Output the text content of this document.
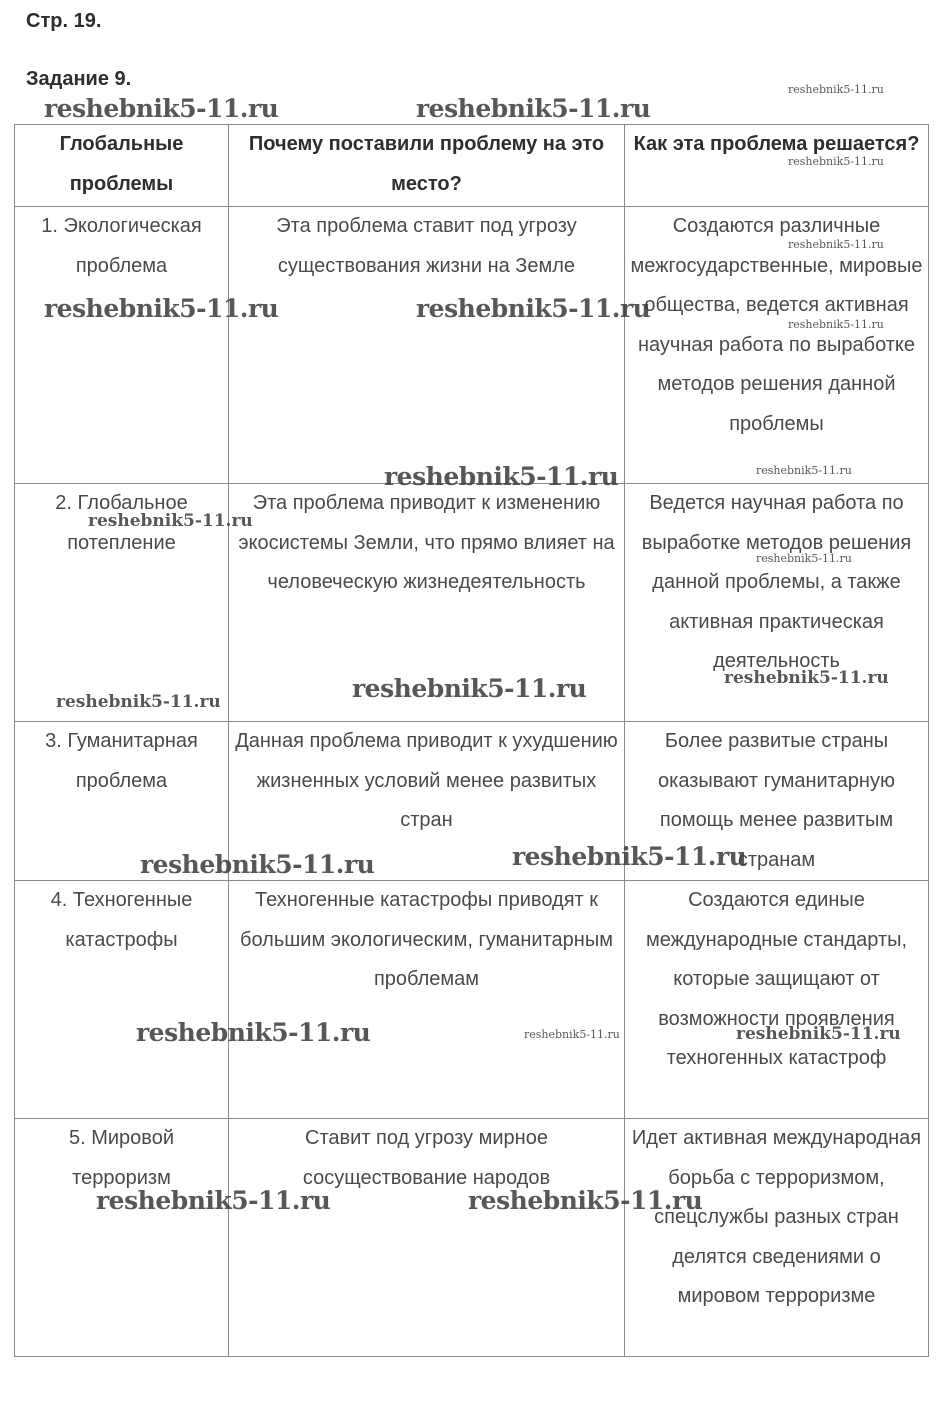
Стр. 19.
Задание 9.
Глобальные проблемы	Почему поставили проблему на это место?	Как эта проблема решается?
1. Экологическая проблема	Эта проблема ставит под угрозу существования жизни на Земле	Создаются различные межгосударственные, мировые общества, ведется активная научная работа по выработке методов решения данной проблемы
2. Глобальное потепление	Эта проблема приводит к изменению экосистемы Земли, что прямо влияет на человеческую жизнедеятельность	Ведется научная работа по выработке методов решения данной проблемы, а также активная практическая деятельность
3. Гуманитарная проблема	Данная проблема приводит к ухудшению жизненных условий менее развитых стран	Более развитые страны оказывают гуманитарную помощь менее развитым странам
4. Техногенные катастрофы	Техногенные катастрофы приводят к большим экологическим, гуманитарным проблемам	Создаются единые международные стандарты, которые защищают от возможности проявления техногенных катастроф
5. Мировой терроризм	Ставит под угрозу мирное сосуществование народов	Идет активная международная борьба с терроризмом, спецслужбы разных стран делятся сведениями о мировом терроризме
reshebnik5-11.ru	reshebnik5-11.ru
reshebnik5-11.ru
reshebnik5-11.ru
reshebnik5-11.ru
reshebnik5-11.ru	reshebnik5-11.ru
reshebnik5-11.ru
reshebnik5-11.ru	reshebnik5-11.ru
reshebnik5-11.ru
reshebnik5-11.ru
reshebnik5-11.ru
reshebnik5-11.ru
reshebnik5-11.ru
reshebnik5-11.ru
reshebnik5-11.ru
reshebnik5-11.ru	reshebnik5-11.ru	reshebnik5-11.ru
reshebnik5-11.ru	reshebnik5-11.ru
